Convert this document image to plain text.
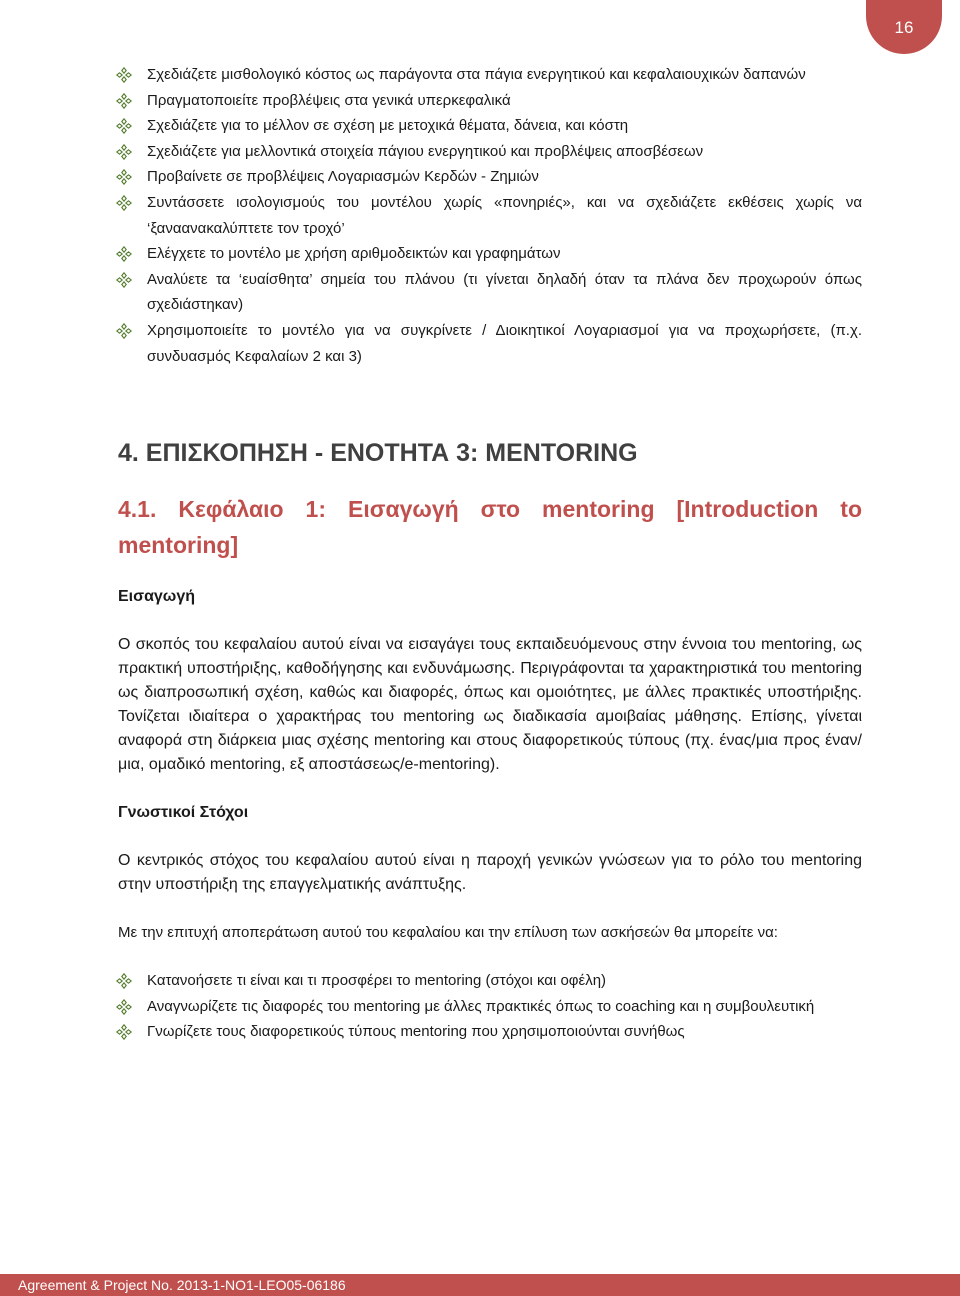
16
Σχεδιάζετε μισθολογικό κόστος ως παράγοντα στα πάγια ενεργητικού και κεφαλαιουχικών δαπανών
Πραγματοποιείτε προβλέψεις στα γενικά υπερκεφαλικά
Σχεδιάζετε για το μέλλον σε σχέση με μετοχικά θέματα, δάνεια, και κόστη
Σχεδιάζετε για μελλοντικά στοιχεία πάγιου ενεργητικού και προβλέψεις αποσβέσεων
Προβαίνετε σε προβλέψεις Λογαριασμών Κερδών - Ζημιών
Συντάσσετε ισολογισμούς του μοντέλου χωρίς «πονηριές», και να σχεδιάζετε εκθέσεις χωρίς να ‘ξαναανακαλύπτετε τον τροχό’
Ελέγχετε το μοντέλο με χρήση αριθμοδεικτών και γραφημάτων
Αναλύετε τα ‘ευαίσθητα’ σημεία του πλάνου (τι γίνεται δηλαδή όταν τα πλάνα δεν προχωρούν όπως σχεδιάστηκαν)
Χρησιμοποιείτε το μοντέλο για να συγκρίνετε / Διοικητικοί Λογαριασμοί για να προχωρήσετε, (π.χ. συνδυασμός Κεφαλαίων 2 και 3)
4. ΕΠΙΣΚΟΠΗΣΗ - ΕΝΟΤΗΤΑ 3: MENTORING
4.1. Κεφάλαιο 1: Εισαγωγή στο mentoring [Introduction to mentoring]
Εισαγωγή

Ο σκοπός του κεφαλαίου αυτού είναι να εισαγάγει τους εκπαιδευόμενους στην έννοια του mentoring, ως πρακτική υποστήριξης, καθοδήγησης και ενδυνάμωσης. Περιγράφονται τα χαρακτηριστικά του mentoring ως διαπροσωπική σχέση, καθώς και διαφορές, όπως και ομοιότητες, με άλλες πρακτικές υποστήριξης. Τονίζεται ιδιαίτερα ο χαρακτήρας του mentoring ως διαδικασία αμοιβαίας μάθησης. Επίσης, γίνεται αναφορά στη διάρκεια μιας σχέσης mentoring και στους διαφορετικούς τύπους (πχ. ένας/μια προς έναν/μια, ομαδικό mentoring, εξ αποστάσεως/e-mentoring).

Γνωστικοί Στόχοι

Ο κεντρικός στόχος του κεφαλαίου αυτού είναι η παροχή γενικών γνώσεων για το ρόλο του mentoring στην υποστήριξη της επαγγελματικής ανάπτυξης.

Με την επιτυχή αποπεράτωση αυτού του κεφαλαίου και την επίλυση των ασκήσεών θα μπορείτε να:

Κατανοήσετε τι είναι και τι προσφέρει το mentoring (στόχοι και οφέλη)
Αναγνωρίζετε τις διαφορές του mentoring με άλλες πρακτικές όπως το coaching και η συμβουλευτική
Γνωρίζετε τους διαφορετικούς τύπους mentoring που χρησιμοποιούνται συνήθως
Agreement & Project No. 2013-1-NO1-LEO05-06186
